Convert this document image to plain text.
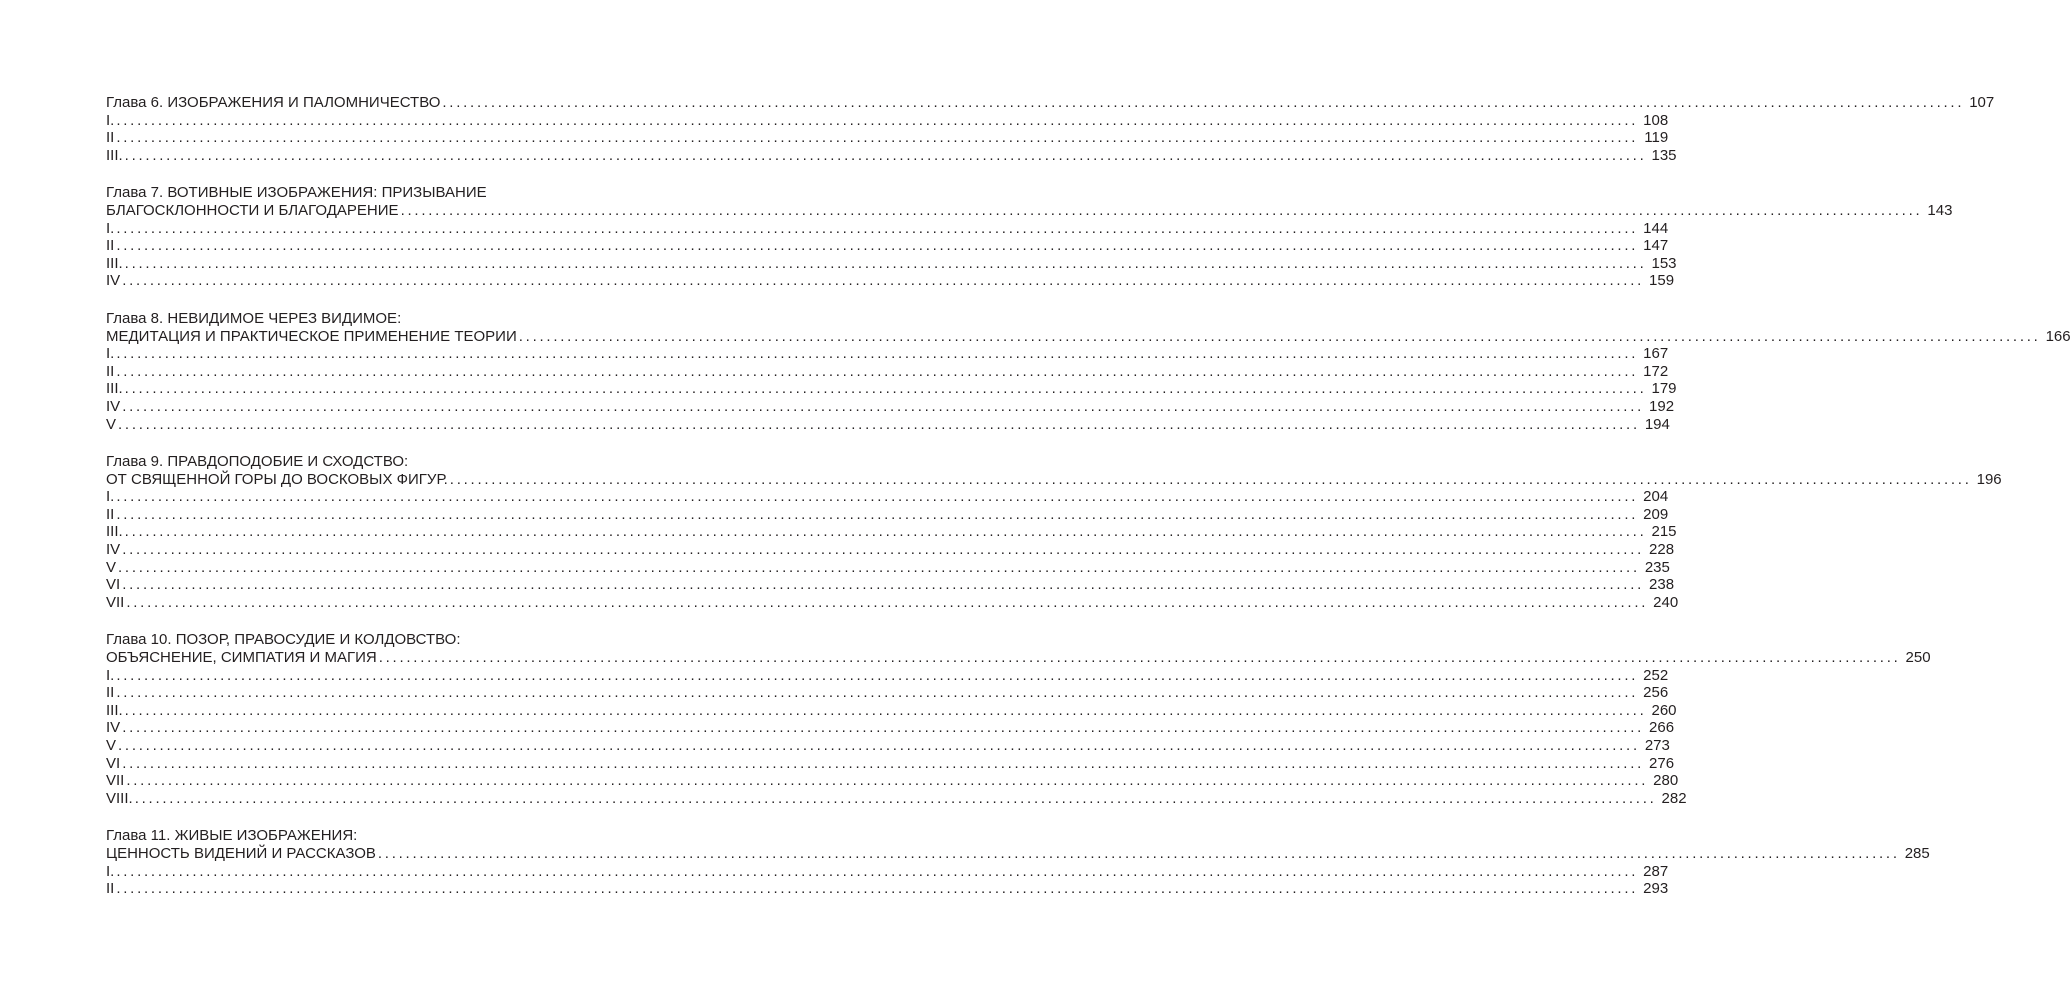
Глава 6. ИЗОБРАЖЕНИЯ И ПАЛОМНИЧЕСТВО ............................................................................................................................................................................................................................ 107
I. ............................................................................................................................................................................................................................ 108
II ............................................................................................................................................................................................................................ 119
III. ............................................................................................................................................................................................................................ 135
Глава 7. ВОТИВНЫЕ ИЗОБРАЖЕНИЯ: ПРИЗЫВАНИЕ
БЛАГОСКЛОННОСТИ И БЛАГОДАРЕНИЕ ............................................................................................................................................................................................................................ 143
I. ............................................................................................................................................................................................................................ 144
II ............................................................................................................................................................................................................................ 147
III. ............................................................................................................................................................................................................................ 153
IV ............................................................................................................................................................................................................................ 159
Глава 8. НЕВИДИМОЕ ЧЕРЕЗ ВИДИМОЕ:
МЕДИТАЦИЯ И ПРАКТИЧЕСКОЕ ПРИМЕНЕНИЕ ТЕОРИИ ............................................................................................................................................................................................................................ 166
I. ............................................................................................................................................................................................................................ 167
II ............................................................................................................................................................................................................................ 172
III. ............................................................................................................................................................................................................................ 179
IV ............................................................................................................................................................................................................................ 192
V ............................................................................................................................................................................................................................ 194
Глава 9. ПРАВДОПОДОБИЕ И СХОДСТВО:
ОТ СВЯЩЕННОЙ ГОРЫ ДО ВОСКОВЫХ ФИГУР. ............................................................................................................................................................................................................................ 196
I. ............................................................................................................................................................................................................................ 204
II ............................................................................................................................................................................................................................ 209
III. ............................................................................................................................................................................................................................ 215
IV ............................................................................................................................................................................................................................ 228
V ............................................................................................................................................................................................................................ 235
VI ............................................................................................................................................................................................................................ 238
VII ............................................................................................................................................................................................................................ 240
Глава 10. ПОЗОР, ПРАВОСУДИЕ И КОЛДОВСТВО:
ОБЪЯСНЕНИЕ, СИМПАТИЯ И МАГИЯ ............................................................................................................................................................................................................................ 250
I. ............................................................................................................................................................................................................................ 252
II ............................................................................................................................................................................................................................ 256
III. ............................................................................................................................................................................................................................ 260
IV ............................................................................................................................................................................................................................ 266
V ............................................................................................................................................................................................................................ 273
VI ............................................................................................................................................................................................................................ 276
VII ............................................................................................................................................................................................................................ 280
VIII. ............................................................................................................................................................................................................................ 282
Глава 11. ЖИВЫЕ ИЗОБРАЖЕНИЯ:
ЦЕННОСТЬ ВИДЕНИЙ И РАССКАЗОВ ............................................................................................................................................................................................................................ 285
I. ............................................................................................................................................................................................................................ 287
II ............................................................................................................................................................................................................................ 293
